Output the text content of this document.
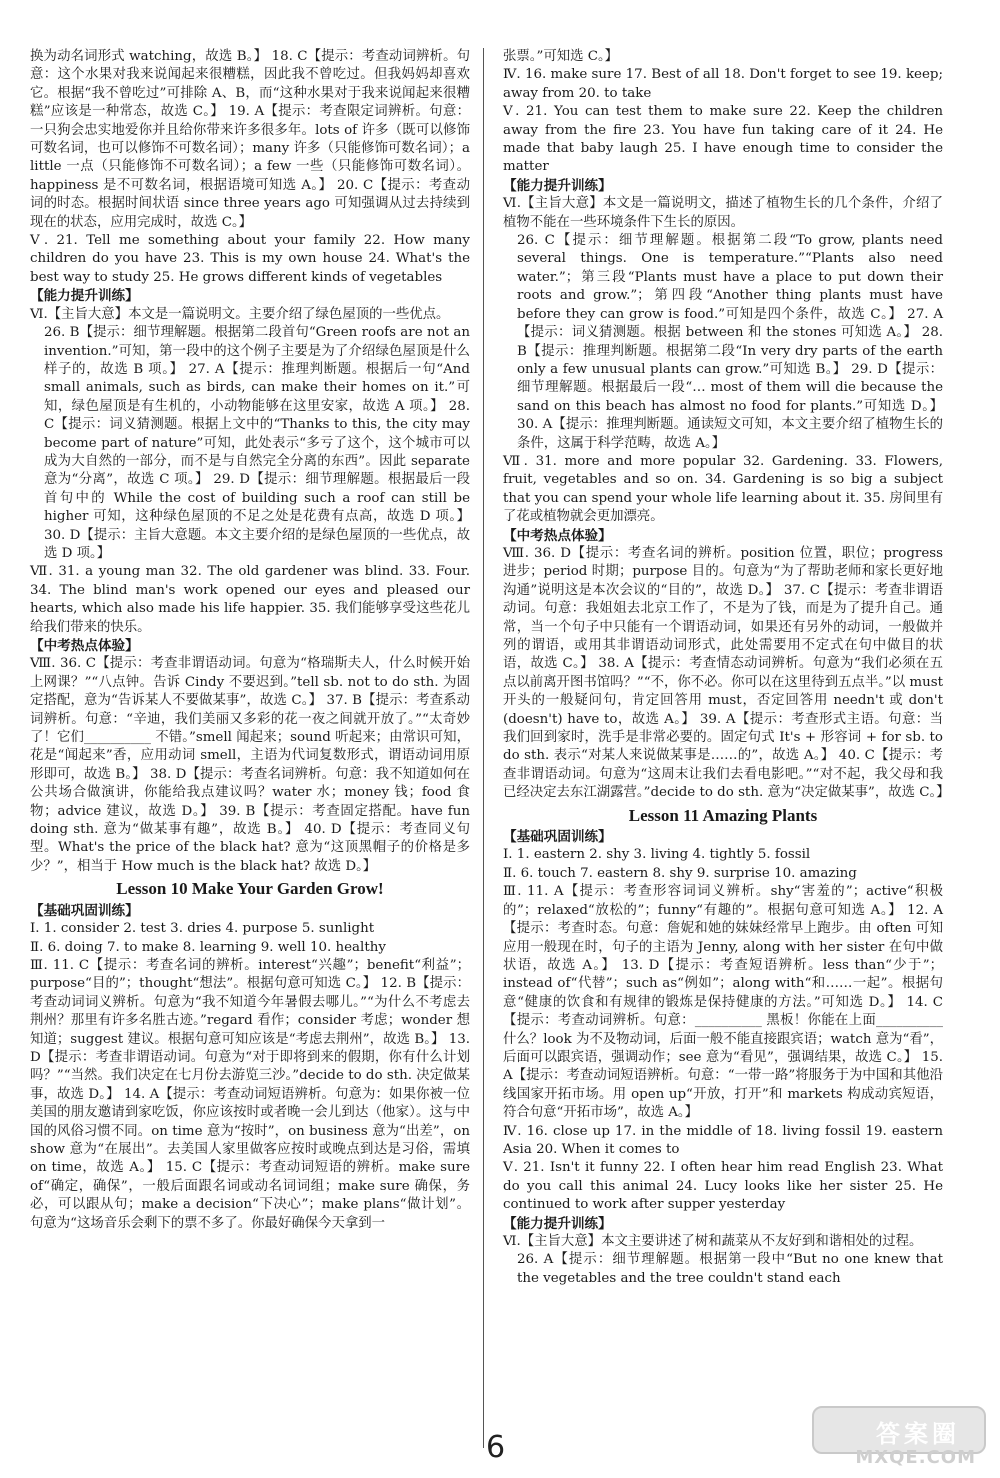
换为动名词形式 watching，故选 B。】 18. C【提示：考查动词辨析。句意：这个水果对我来说闻起来很糟糕，因此我不曾吃过。但我妈妈却喜欢它。根据“我不曾吃过”可排除 A、B，而“这种水果对于我来说闻起来很糟糕”应该是一种常态，故选 C。】 19. A【提示：考查限定词辨析。句意：一只狗会忠实地爱你并且给你带来许多很多年。lots of 许多（既可以修饰可数名词，也可以修饰不可数名词）；many 许多（只能修饰可数名词）；a little 一点（只能修饰不可数名词）；a few 一些（只能修饰可数名词）。happiness 是不可数名词，根据语境可知选 A。】 20. C【提示：考查动词的时态。根据时间状语 since three years ago 可知强调从过去持续到现在的状态，应用完成时，故选 C。】

Ⅴ. 21. Tell me something about your family 22. How many children do you have 23. This is my own house 24. What's the best way to study 25. He grows different kinds of vegetables

【能力提升训练】

Ⅵ.【主旨大意】本文是一篇说明文。主要介绍了绿色屋顶的一些优点。

26. B【提示：细节理解题。根据第二段首句“Green roofs are not an invention.”可知，第一段中的这个例子主要是为了介绍绿色屋顶是什么样子的，故选 B 项。】 27. A【提示：推理判断题。根据后一句“And small animals, such as birds, can make their homes on it.”可知，绿色屋顶是有生机的，小动物能够在这里安家，故选 A 项。】 28. C【提示：词义猜测题。根据上文中的“Thanks to this, the city may become part of nature”可知，此处表示“多亏了这个，这个城市可以成为大自然的一部分，而不是与自然完全分离的东西”。因此 separate 意为“分离”，故选 C 项。】 29. D【提示：细节理解题。根据最后一段首句中的 While the cost of building such a roof can still be higher 可知，这种绿色屋顶的不足之处是花费有点高，故选 D 项。】 30. D【提示：主旨大意题。本文主要介绍的是绿色屋顶的一些优点，故选 D 项。】

Ⅶ. 31. a young man 32. The old gardener was blind. 33. Four. 34. The blind man's work opened our eyes and pleased our hearts, which also made his life happier. 35. 我们能够享受这些花儿给我们带来的快乐。

【中考热点体验】

Ⅷ. 36. C【提示：考查非谓语动词。句意为“格瑞斯夫人，什么时候开始上网课？”“八点钟。告诉 Cindy 不要迟到。”tell sb. not to do sth. 为固定搭配，意为“告诉某人不要做某事”，故选 C。】 37. B【提示：考查系动词辨析。句意：“辛迪，我们美丽又多彩的花一夜之间就开放了。”“太奇妙了！它们__________ 不错。”smell 闻起来；sound 听起来；由常识可知，花是“闻起来”香，应用动词 smell，主语为代词复数形式，谓语动词用原形即可，故选 B。】 38. D【提示：考查名词辨析。句意：我不知道如何在公共场合做演讲，你能给我点建议吗？water 水；money 钱；food 食物；advice 建议，故选 D。】 39. B【提示：考查固定搭配。have fun doing sth. 意为“做某事有趣”，故选 B。】 40. D【提示：考查同义句型。What's the price of the black hat? 意为“这顶黑帽子的价格是多少？”，相当于 How much is the black hat? 故选 D。】

Lesson 10 Make Your Garden Grow!

【基础巩固训练】

Ⅰ. 1. consider 2. test 3. dries 4. purpose 5. sunlight

Ⅱ. 6. doing 7. to make 8. learning 9. well 10. healthy

Ⅲ. 11. C【提示：考查名词的辨析。interest“兴趣”；benefit“利益”；purpose“目的”；thought“想法”。根据句意可知选 C。】 12. B【提示：考查动词词义辨析。句意为“我不知道今年暑假去哪儿。”“为什么不考虑去荆州？那里有许多名胜古迹。”regard 看作；consider 考虑；wonder 想知道；suggest 建议。根据句意可知应该是“考虑去荆州”，故选 B。】 13. D【提示：考查非谓语动词。句意为“对于即将到来的假期，你有什么计划吗？”“当然。我们决定在七月份去游览三沙。”decide to do sth. 决定做某事，故选 D。】 14. A【提示：考查动词短语辨析。句意为：如果你被一位美国的朋友邀请到家吃饭，你应该按时或者晚一会儿到达（他家）。这与中国的风俗习惯不同。on time 意为“按时”，on business 意为“出差”，on show 意为“在展出”。去美国人家里做客应按时或晚点到达是习俗，需填 on time，故选 A。】 15. C【提示：考查动词短语的辨析。make sure of“确定，确保”，一般后面跟名词或动名词词组；make sure 确保，务必，可以跟从句；make a decision“下决心”；make plans“做计划”。句意为“这场音乐会剩下的票不多了。你最好确保今天拿到一

张票。”可知选 C。】

Ⅳ. 16. make sure 17. Best of all 18. Don't forget to see 19. keep; away from 20. to take

Ⅴ. 21. You can test them to make sure 22. Keep the children away from the fire 23. You have fun taking care of it 24. He made that baby laugh 25. I have enough time to consider the matter

【能力提升训练】

Ⅵ.【主旨大意】本文是一篇说明文，描述了植物生长的几个条件，介绍了植物不能在一些环境条件下生长的原因。

26. C【提示：细节理解题。根据第二段“To grow, plants need several things. One is temperature.”“Plants also need water.”；第三段“Plants must have a place to put down their roots and grow.”；第四段“Another thing plants must have before they can grow is food.”可知是四个条件，故选 C。】 27. A【提示：词义猜测题。根据 between 和 the stones 可知选 A。】 28. B【提示：推理判断题。根据第二段“In very dry parts of the earth only a few unusual plants can grow.”可知选 B。】 29. D【提示：细节理解题。根据最后一段“… most of them will die because the sand on this beach has almost no food for plants.”可知选 D。】 30. A【提示：推理判断题。通读短文可知，本文主要介绍了植物生长的条件，这属于科学范畴，故选 A。】

Ⅶ. 31. more and more popular 32. Gardening. 33. Flowers, fruit, vegetables and so on. 34. Gardening is so big a subject that you can spend your whole life learning about it. 35. 房间里有了花或植物就会更加漂亮。

【中考热点体验】

Ⅷ. 36. D【提示：考查名词的辨析。position 位置，职位；progress 进步；period 时期；purpose 目的。句意为“为了帮助老师和家长更好地沟通”说明这是本次会议的“目的”，故选 D。】 37. C【提示：考查非谓语动词。句意：我姐姐去北京工作了，不是为了钱，而是为了提升自己。通常，当一个句子中只能有一个谓语动词，如果还有另外的动词，一般做并列的谓语，或用其非谓语动词形式，此处需要用不定式在句中做目的状语，故选 C。】 38. A【提示：考查情态动词辨析。句意为“我们必须在五点以前离开图书馆吗？”“不，你不必。你可以在这里待到五点半。”以 must 开头的一般疑问句，肯定回答用 must，否定回答用 needn't 或 don't (doesn't) have to，故选 A。】 39. A【提示：考查形式主语。句意：当我们回到家时，洗手是非常必要的。固定句式 It's + 形容词 + for sb. to do sth. 表示“对某人来说做某事是……的”，故选 A。】 40. C【提示：考查非谓语动词。句意为“这周末让我们去看电影吧。”“对不起，我父母和我已经决定去东江湖露营。”decide to do sth. 意为“决定做某事”，故选 C。】

Lesson 11 Amazing Plants

【基础巩固训练】

Ⅰ. 1. eastern 2. shy 3. living 4. tightly 5. fossil

Ⅱ. 6. touch 7. eastern 8. shy 9. surprise 10. amazing

Ⅲ. 11. A【提示：考查形容词词义辨析。shy“害羞的”；active“积极的”；relaxed“放松的”；funny“有趣的”。根据句意可知选 A。】 12. A【提示：考查时态。句意：詹妮和她的妹妹经常早上跑步。由 often 可知应用一般现在时，句子的主语为 Jenny, along with her sister 在句中做状语，故选 A。】 13. D【提示：考查短语辨析。less than“少于”；instead of“代替”；such as“例如”；along with“和……一起”。根据句意“健康的饮食和有规律的锻炼是保持健康的方法。”可知选 D。】 14. C【提示：考查动词辨析。句意：__________ 黑板！你能在上面__________ 什么？look 为不及物动词，后面一般不能直接跟宾语；watch 意为“看”，后面可以跟宾语，强调动作；see 意为“看见”，强调结果，故选 C。】 15. A【提示：考查动词短语辨析。句意：“一带一路”将服务于为中国和其他沿线国家开拓市场。用 open up“开放，打开”和 markets 构成动宾短语，符合句意“开拓市场”，故选 A。】

Ⅳ. 16. close up 17. in the middle of 18. living fossil 19. eastern Asia 20. When it comes to

Ⅴ. 21. Isn't it funny 22. I often hear him read English 23. What do you call this animal 24. Lucy looks like her sister 25. He continued to work after supper yesterday

【能力提升训练】

Ⅵ.【主旨大意】本文主要讲述了树和蔬菜从不友好到和谐相处的过程。

26. A【提示：细节理解题。根据第一段中“But no one knew that the vegetables and the tree couldn't stand each

6	答案圈
MXQE.COM
